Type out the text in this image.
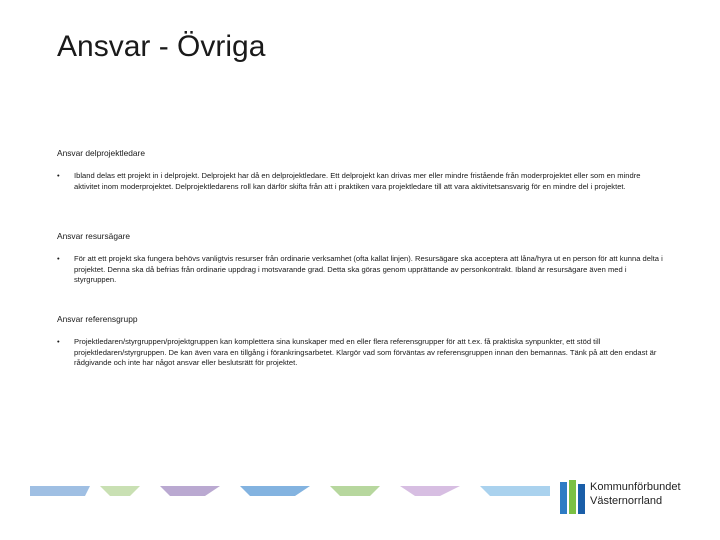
Ansvar - Övriga

Ansvar delprojektledare

•	Ibland delas ett projekt in i delprojekt. Delprojekt har då en delprojektledare. Ett delprojekt kan drivas mer eller mindre fristående från moderprojektet eller som en mindre aktivitet inom moderprojektet. Delprojektledarens roll kan därför skifta från att i praktiken vara projektledare till att vara aktivitetsansvarig för en mindre del i projektet.

Ansvar resursägare

•	För att ett projekt ska fungera behövs vanligtvis resurser från ordinarie verksamhet (ofta kallat linjen). Resursägare ska acceptera att låna/hyra ut en person för att kunna delta i projektet. Denna ska då befrias från ordinarie uppdrag i motsvarande grad. Detta ska göras genom upprättande av personkontrakt. Ibland är resursägare även med i styrgruppen.

Ansvar referensgrupp

•	Projektledaren/styrgruppen/projektgruppen kan komplettera sina kunskaper med en eller flera referensgrupper för att t.ex. få praktiska synpunkter, ett stöd till projektledaren/styrgruppen. De kan även vara en tillgång i förankringsarbetet. Klargör vad som förväntas av referensgruppen innan den bemannas. Tänk på att den endast är rådgivande och inte har något ansvar eller beslutsrätt för projektet.
Kommunförbundet
Västernorrland
